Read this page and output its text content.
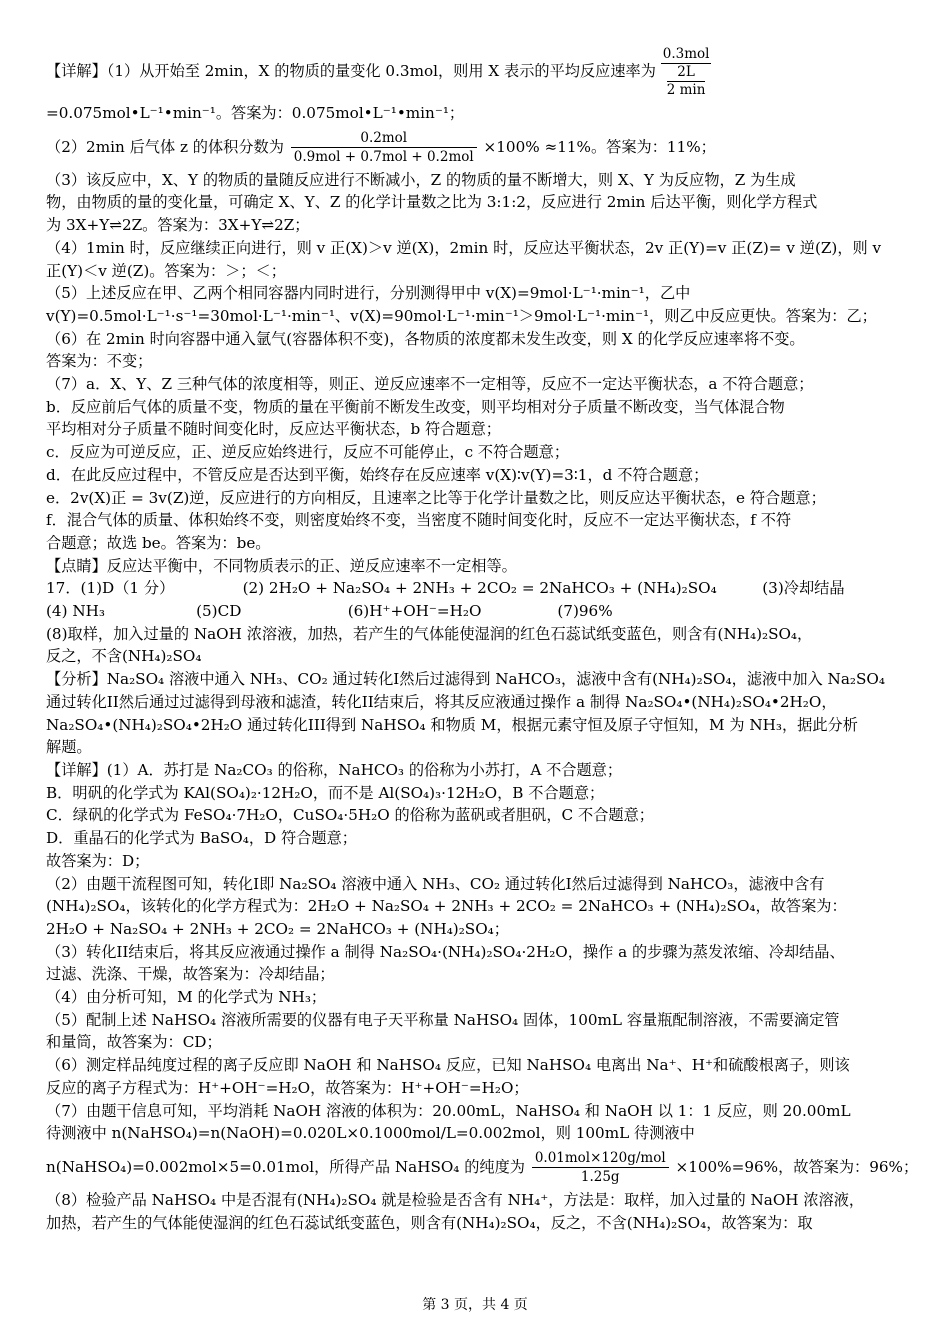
【详解】（1）从开始至 2min，X 的物质的量变化 0.3mol，则用 X 表示的平均反应速率为
0.3mol
2L
2 min
=0.075mol•L⁻¹•min⁻¹。答案为：0.075mol•L⁻¹•min⁻¹；
（2）2min 后气体 z 的体积分数为	0.2mol
0.9mol + 0.7mol + 0.2mol
×100% ≈11%。答案为：11%；
（3）该反应中，X、Y 的物质的量随反应进行不断减小，Z 的物质的量不断增大，则 X、Y 为反应物，Z 为生成
物，由物质的量的变化量，可确定 X、Y、Z 的化学计量数之比为 3:1:2，反应进行 2min 后达平衡，则化学方程式
为 3X+Y⇌2Z。答案为：3X+Y⇌2Z；
（4）1min 时，反应继续正向进行，则 v 正(X)＞v 逆(X)，2min 时，反应达平衡状态，2v 正(Y)=v 正(Z)= v 逆(Z)，则 v
正(Y)＜v 逆(Z)。答案为：＞；＜；
（5）上述反应在甲、乙两个相同容器内同时进行，分别测得甲中 v(X)=9mol·L⁻¹·min⁻¹，乙中
v(Y)=0.5mol·L⁻¹·s⁻¹=30mol·L⁻¹·min⁻¹、v(X)=90mol·L⁻¹·min⁻¹＞9mol·L⁻¹·min⁻¹，则乙中反应更快。答案为：乙；
（6）在 2min 时向容器中通入氩气(容器体积不变)，各物质的浓度都未发生改变，则 X 的化学反应速率将不变。
答案为：不变；
（7）a．X、Y、Z 三种气体的浓度相等，则正、逆反应速率不一定相等，反应不一定达平衡状态，a 不符合题意；
b．反应前后气体的质量不变，物质的量在平衡前不断发生改变，则平均相对分子质量不断改变，当气体混合物
平均相对分子质量不随时间变化时，反应达平衡状态，b 符合题意；
c．反应为可逆反应，正、逆反应始终进行，反应不可能停止，c 不符合题意；
d．在此反应过程中，不管反应是否达到平衡，始终存在反应速率 v(X)∶v(Y)=3∶1，d 不符合题意；
e．2v(X)正 = 3v(Z)逆，反应进行的方向相反，且速率之比等于化学计量数之比，则反应达平衡状态，e 符合题意；
f．混合气体的质量、体积始终不变，则密度始终不变，当密度不随时间变化时，反应不一定达平衡状态，f 不符
合题意；故选 be。答案为：be。
【点睛】反应达平衡中，不同物质表示的正、逆反应速率不一定相等。
17．(1)D（1 分）　　　　　(2) 2H₂O + Na₂SO₄ + 2NH₃ + 2CO₂ = 2NaHCO₃ + (NH₄)₂SO₄　　　(3)冷却结晶
(4) NH₃　　　　　　(5)CD　　　　　　　(6)H⁺+OH⁻=H₂O　　　　　(7)96%
(8)取样，加入过量的 NaOH 浓溶液，加热，若产生的气体能使湿润的红色石蕊试纸变蓝色，则含有(NH₄)₂SO₄，
反之，不含(NH₄)₂SO₄
【分析】Na₂SO₄ 溶液中通入 NH₃、CO₂ 通过转化I然后过滤得到 NaHCO₃，滤液中含有(NH₄)₂SO₄，滤液中加入 Na₂SO₄
通过转化II然后通过过滤得到母液和滤渣，转化II结束后，将其反应液通过操作 a 制得 Na₂SO₄•(NH₄)₂SO₄•2H₂O，
Na₂SO₄•(NH₄)₂SO₄•2H₂O 通过转化III得到 NaHSO₄ 和物质 M，根据元素守恒及原子守恒知，M 为 NH₃，据此分析
解题。
【详解】(1）A．苏打是 Na₂CO₃ 的俗称，NaHCO₃ 的俗称为小苏打，A 不合题意；
B．明矾的化学式为 KAl(SO₄)₂·12H₂O，而不是 Al(SO₄)₃·12H₂O，B 不合题意；
C．绿矾的化学式为 FeSO₄·7H₂O，CuSO₄·5H₂O 的俗称为蓝矾或者胆矾，C 不合题意；
D．重晶石的化学式为 BaSO₄，D 符合题意；
故答案为：D；
（2）由题干流程图可知，转化I即 Na₂SO₄ 溶液中通入 NH₃、CO₂ 通过转化I然后过滤得到 NaHCO₃，滤液中含有
(NH₄)₂SO₄，该转化的化学方程式为：2H₂O + Na₂SO₄ + 2NH₃ + 2CO₂ = 2NaHCO₃ + (NH₄)₂SO₄，故答案为：
2H₂O + Na₂SO₄ + 2NH₃ + 2CO₂ = 2NaHCO₃ + (NH₄)₂SO₄；
（3）转化II结束后，将其反应液通过操作 a 制得 Na₂SO₄·(NH₄)₂SO₄·2H₂O，操作 a 的步骤为蒸发浓缩、冷却结晶、
过滤、洗涤、干燥，故答案为：冷却结晶；
（4）由分析可知，M 的化学式为 NH₃；
（5）配制上述 NaHSO₄ 溶液所需要的仪器有电子天平称量 NaHSO₄ 固体，100mL 容量瓶配制溶液，不需要滴定管
和量筒，故答案为：CD；
（6）测定样品纯度过程的离子反应即 NaOH 和 NaHSO₄ 反应，已知 NaHSO₄ 电离出 Na⁺、H⁺和硫酸根离子，则该
反应的离子方程式为：H⁺+OH⁻=H₂O，故答案为：H⁺+OH⁻=H₂O；
（7）由题干信息可知，平均消耗 NaOH 溶液的体积为：20.00mL，NaHSO₄ 和 NaOH 以 1：1 反应，则 20.00mL
待测液中 n(NaHSO₄)=n(NaOH)=0.020L×0.1000mol/L=0.002mol，则 100mL 待测液中
n(NaHSO₄)=0.002mol×5=0.01mol，所得产品 NaHSO₄ 的纯度为 0.01mol×120g/mol
1.25g
×100%=96%，故答案为：96%；
（8）检验产品 NaHSO₄ 中是否混有(NH₄)₂SO₄ 就是检验是否含有 NH₄⁺，方法是：取样，加入过量的 NaOH 浓溶液，
加热，若产生的气体能使湿润的红色石蕊试纸变蓝色，则含有(NH₄)₂SO₄，反之，不含(NH₄)₂SO₄，故答案为：取
第 3 页，共 4 页
